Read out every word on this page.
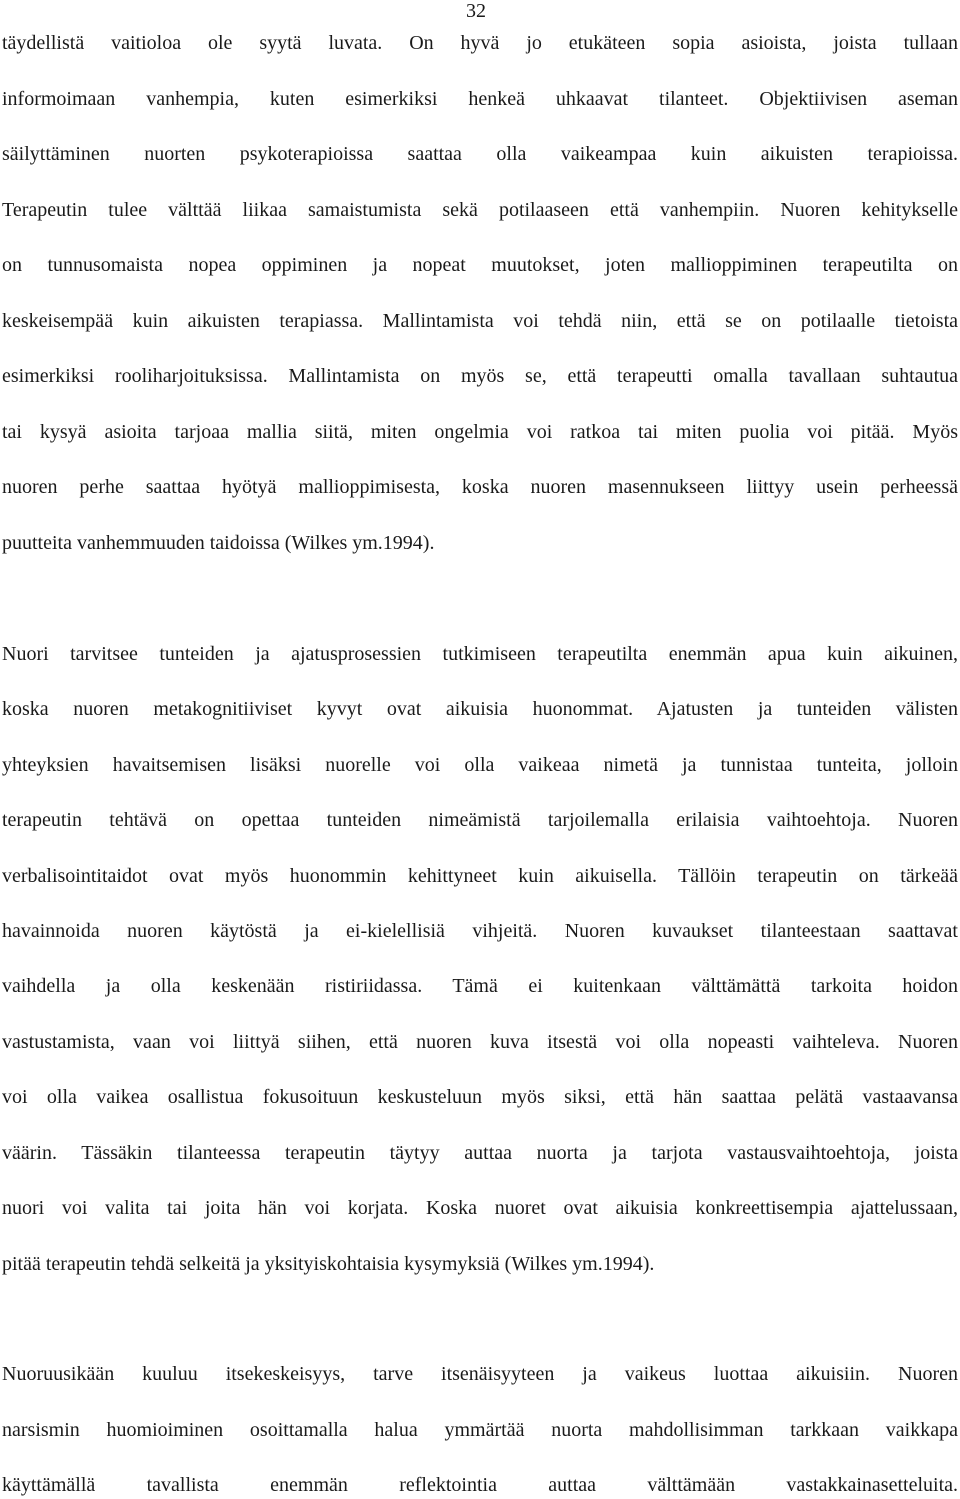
32
täydellistä vaitioloa ole syytä luvata. On hyvä jo etukäteen sopia asioista, joista tullaan
informoimaan vanhempia, kuten esimerkiksi henkeä uhkaavat tilanteet. Objektiivisen aseman
säilyttäminen nuorten psykoterapioissa saattaa olla vaikeampaa kuin aikuisten terapioissa.
Terapeutin tulee välttää liikaa samaistumista sekä potilaaseen että vanhempiin. Nuoren kehitykselle
on tunnusomaista nopea oppiminen ja nopeat muutokset, joten mallioppiminen terapeutilta on
keskeisempää kuin aikuisten terapiassa. Mallintamista voi tehdä niin, että se on potilaalle tietoista
esimerkiksi rooliharjoituksissa. Mallintamista on myös se, että terapeutti omalla tavallaan suhtautua
tai kysyä asioita tarjoaa mallia siitä, miten ongelmia voi ratkoa tai miten puolia voi pitää. Myös
nuoren perhe saattaa hyötyä mallioppimisesta, koska nuoren masennukseen liittyy usein perheessä
puutteita vanhemmuuden taidoissa (Wilkes ym.1994).
Nuori tarvitsee tunteiden ja ajatusprosessien tutkimiseen terapeutilta enemmän apua kuin aikuinen,
koska nuoren metakognitiiviset kyvyt ovat aikuisia huonommat. Ajatusten ja tunteiden välisten
yhteyksien havaitsemisen lisäksi nuorelle voi olla vaikeaa nimetä ja tunnistaa tunteita, jolloin
terapeutin tehtävä on opettaa tunteiden nimeämistä tarjoilemalla erilaisia vaihtoehtoja. Nuoren
verbalisointitaidot ovat myös huonommin kehittyneet kuin aikuisella. Tällöin terapeutin on tärkeää
havainnoida nuoren käytöstä ja ei-kielellisiä vihjeitä. Nuoren kuvaukset tilanteestaan saattavat
vaihdella ja olla keskenään ristiriidassa. Tämä ei kuitenkaan välttämättä tarkoita hoidon
vastustamista, vaan voi liittyä siihen, että nuoren kuva itsestä voi olla nopeasti vaihteleva. Nuoren
voi olla vaikea osallistua fokusoituun keskusteluun myös siksi, että hän saattaa pelätä vastaavansa
väärin. Tässäkin tilanteessa terapeutin täytyy auttaa nuorta ja tarjota vastausvaihtoehtoja, joista
nuori voi valita tai joita hän voi korjata. Koska nuoret ovat aikuisia konkreettisempia ajattelussaan,
pitää terapeutin tehdä selkeitä ja yksityiskohtaisia kysymyksiä (Wilkes ym.1994).
Nuoruusikään kuuluu itsekeskeisyys, tarve itsenäisyyteen ja vaikeus luottaa aikuisiin. Nuoren
narsismin huomioiminen osoittamalla halua ymmärtää nuorta mahdollisimman tarkkaan vaikkapa
käyttämällä tavallista enemmän reflektointia auttaa välttämään vastakkainasetteluita.
